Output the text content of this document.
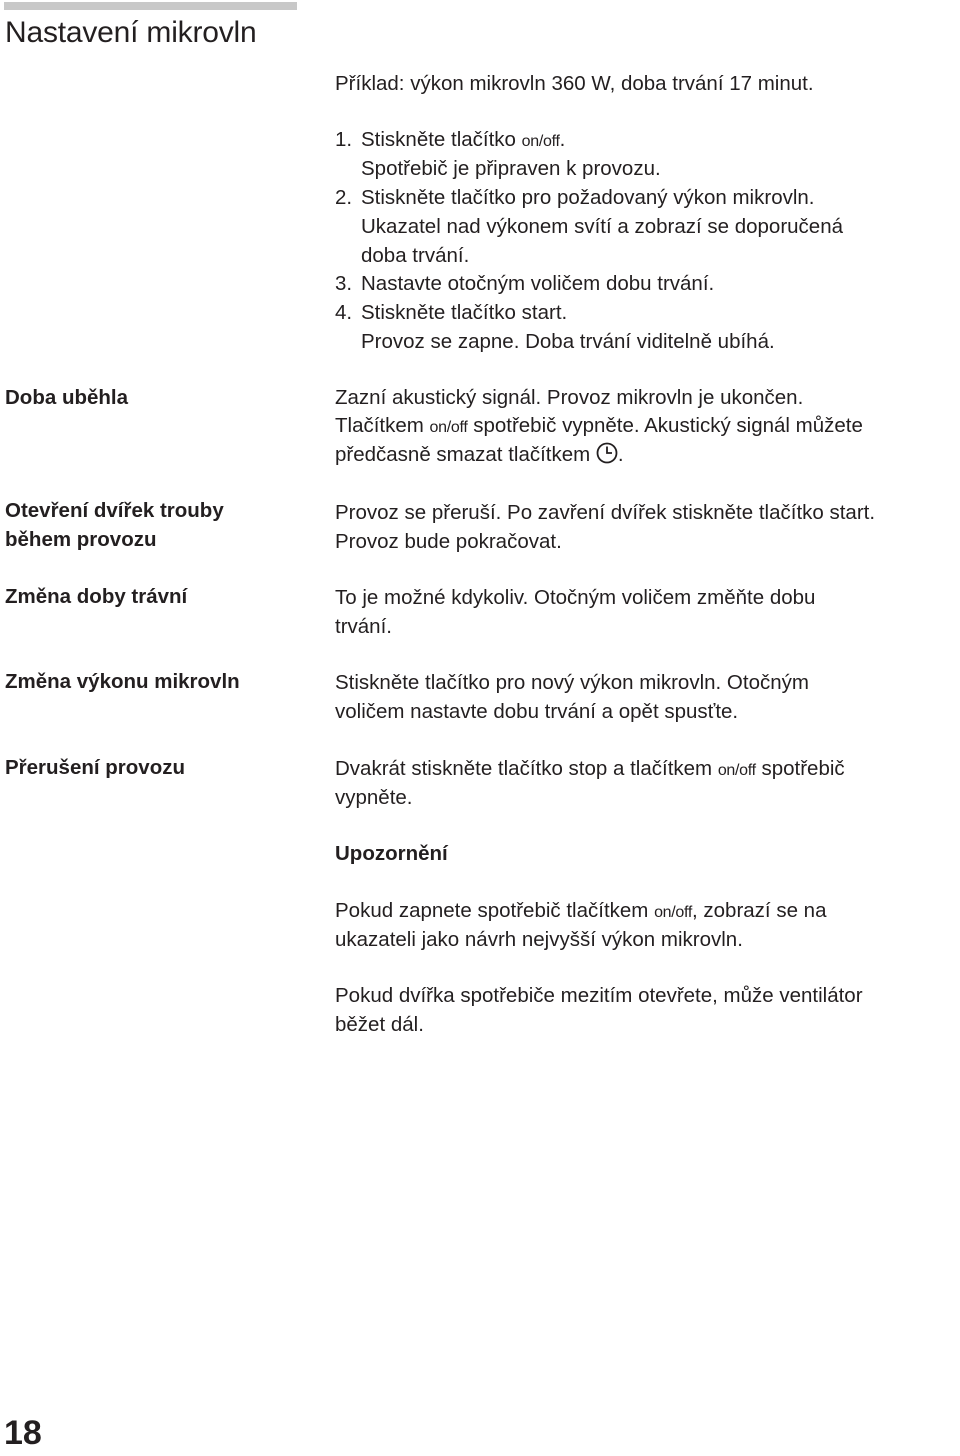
Nastavení mikrovln

Příklad: výkon mikrovln 360 W, doba trvání 17 minut.

1. Stiskněte tlačítko on/off.
Spotřebič je připraven k provozu.
2. Stiskněte tlačítko pro požadovaný výkon mikrovln.
Ukazatel nad výkonem svítí a zobrazí se doporučená
doba trvání.
3. Nastavte otočným voličem dobu trvání.
4. Stiskněte tlačítko start.
Provoz se zapne. Doba trvání viditelně ubíhá.
Doba uběhla	Zazní akustický signál. Provoz mikrovln je ukončen.

Tlačítkem on/off spotřebič vypněte. Akustický signál můžete

předčasně smazat tlačítkem .

Otevření dvířek trouby
během provozu

Provoz se přeruší. Po zavření dvířek stiskněte tlačítko start.

Provoz bude pokračovat.

Změna doby trávní	To je možné kdykoliv. Otočným voličem změňte dobu

trvání.

Změna výkonu mikrovln	Stiskněte tlačítko pro nový výkon mikrovln. Otočným

voličem nastavte dobu trvání a opět spusťte.

Přerušení provozu	Dvakrát stiskněte tlačítko stop a tlačítkem on/off spotřebič

vypněte.

Upozornění

Pokud zapnete spotřebič tlačítkem on/off, zobrazí se na

ukazateli jako návrh nejvyšší výkon mikrovln.

Pokud dvířka spotřebiče mezitím otevřete, může ventilátor

běžet dál.

18
